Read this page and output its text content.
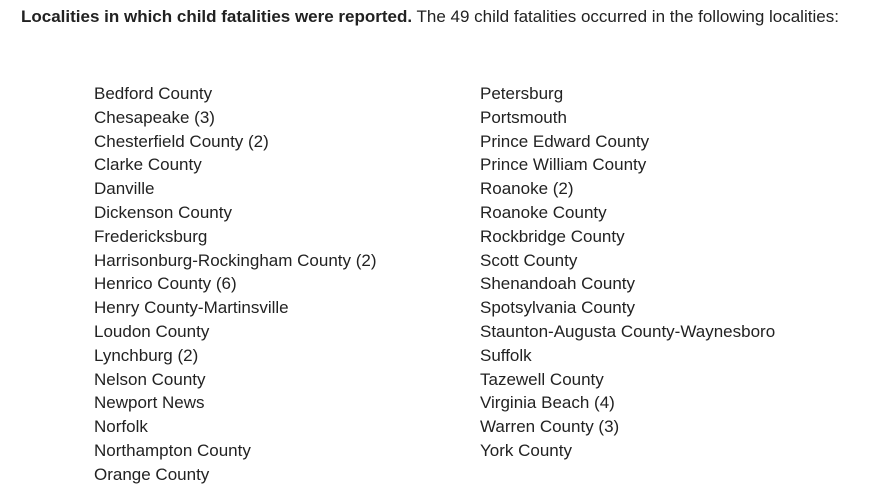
Localities in which child fatalities were reported. The 49 child fatalities occurred in the following localities:

Bedford County
Chesapeake (3)
Chesterfield County (2)
Clarke County
Danville
Dickenson County
Fredericksburg
Harrisonburg-Rockingham County (2)
Henrico County (6)
Henry County-Martinsville
Loudon County
Lynchburg (2)
Nelson County
Newport News
Norfolk
Northampton County
Orange County
Petersburg
Portsmouth
Prince Edward County
Prince William County
Roanoke (2)
Roanoke County
Rockbridge County
Scott County
Shenandoah County
Spotsylvania County
Staunton-Augusta County-Waynesboro
Suffolk
Tazewell County
Virginia Beach (4)
Warren County (3)
York County
